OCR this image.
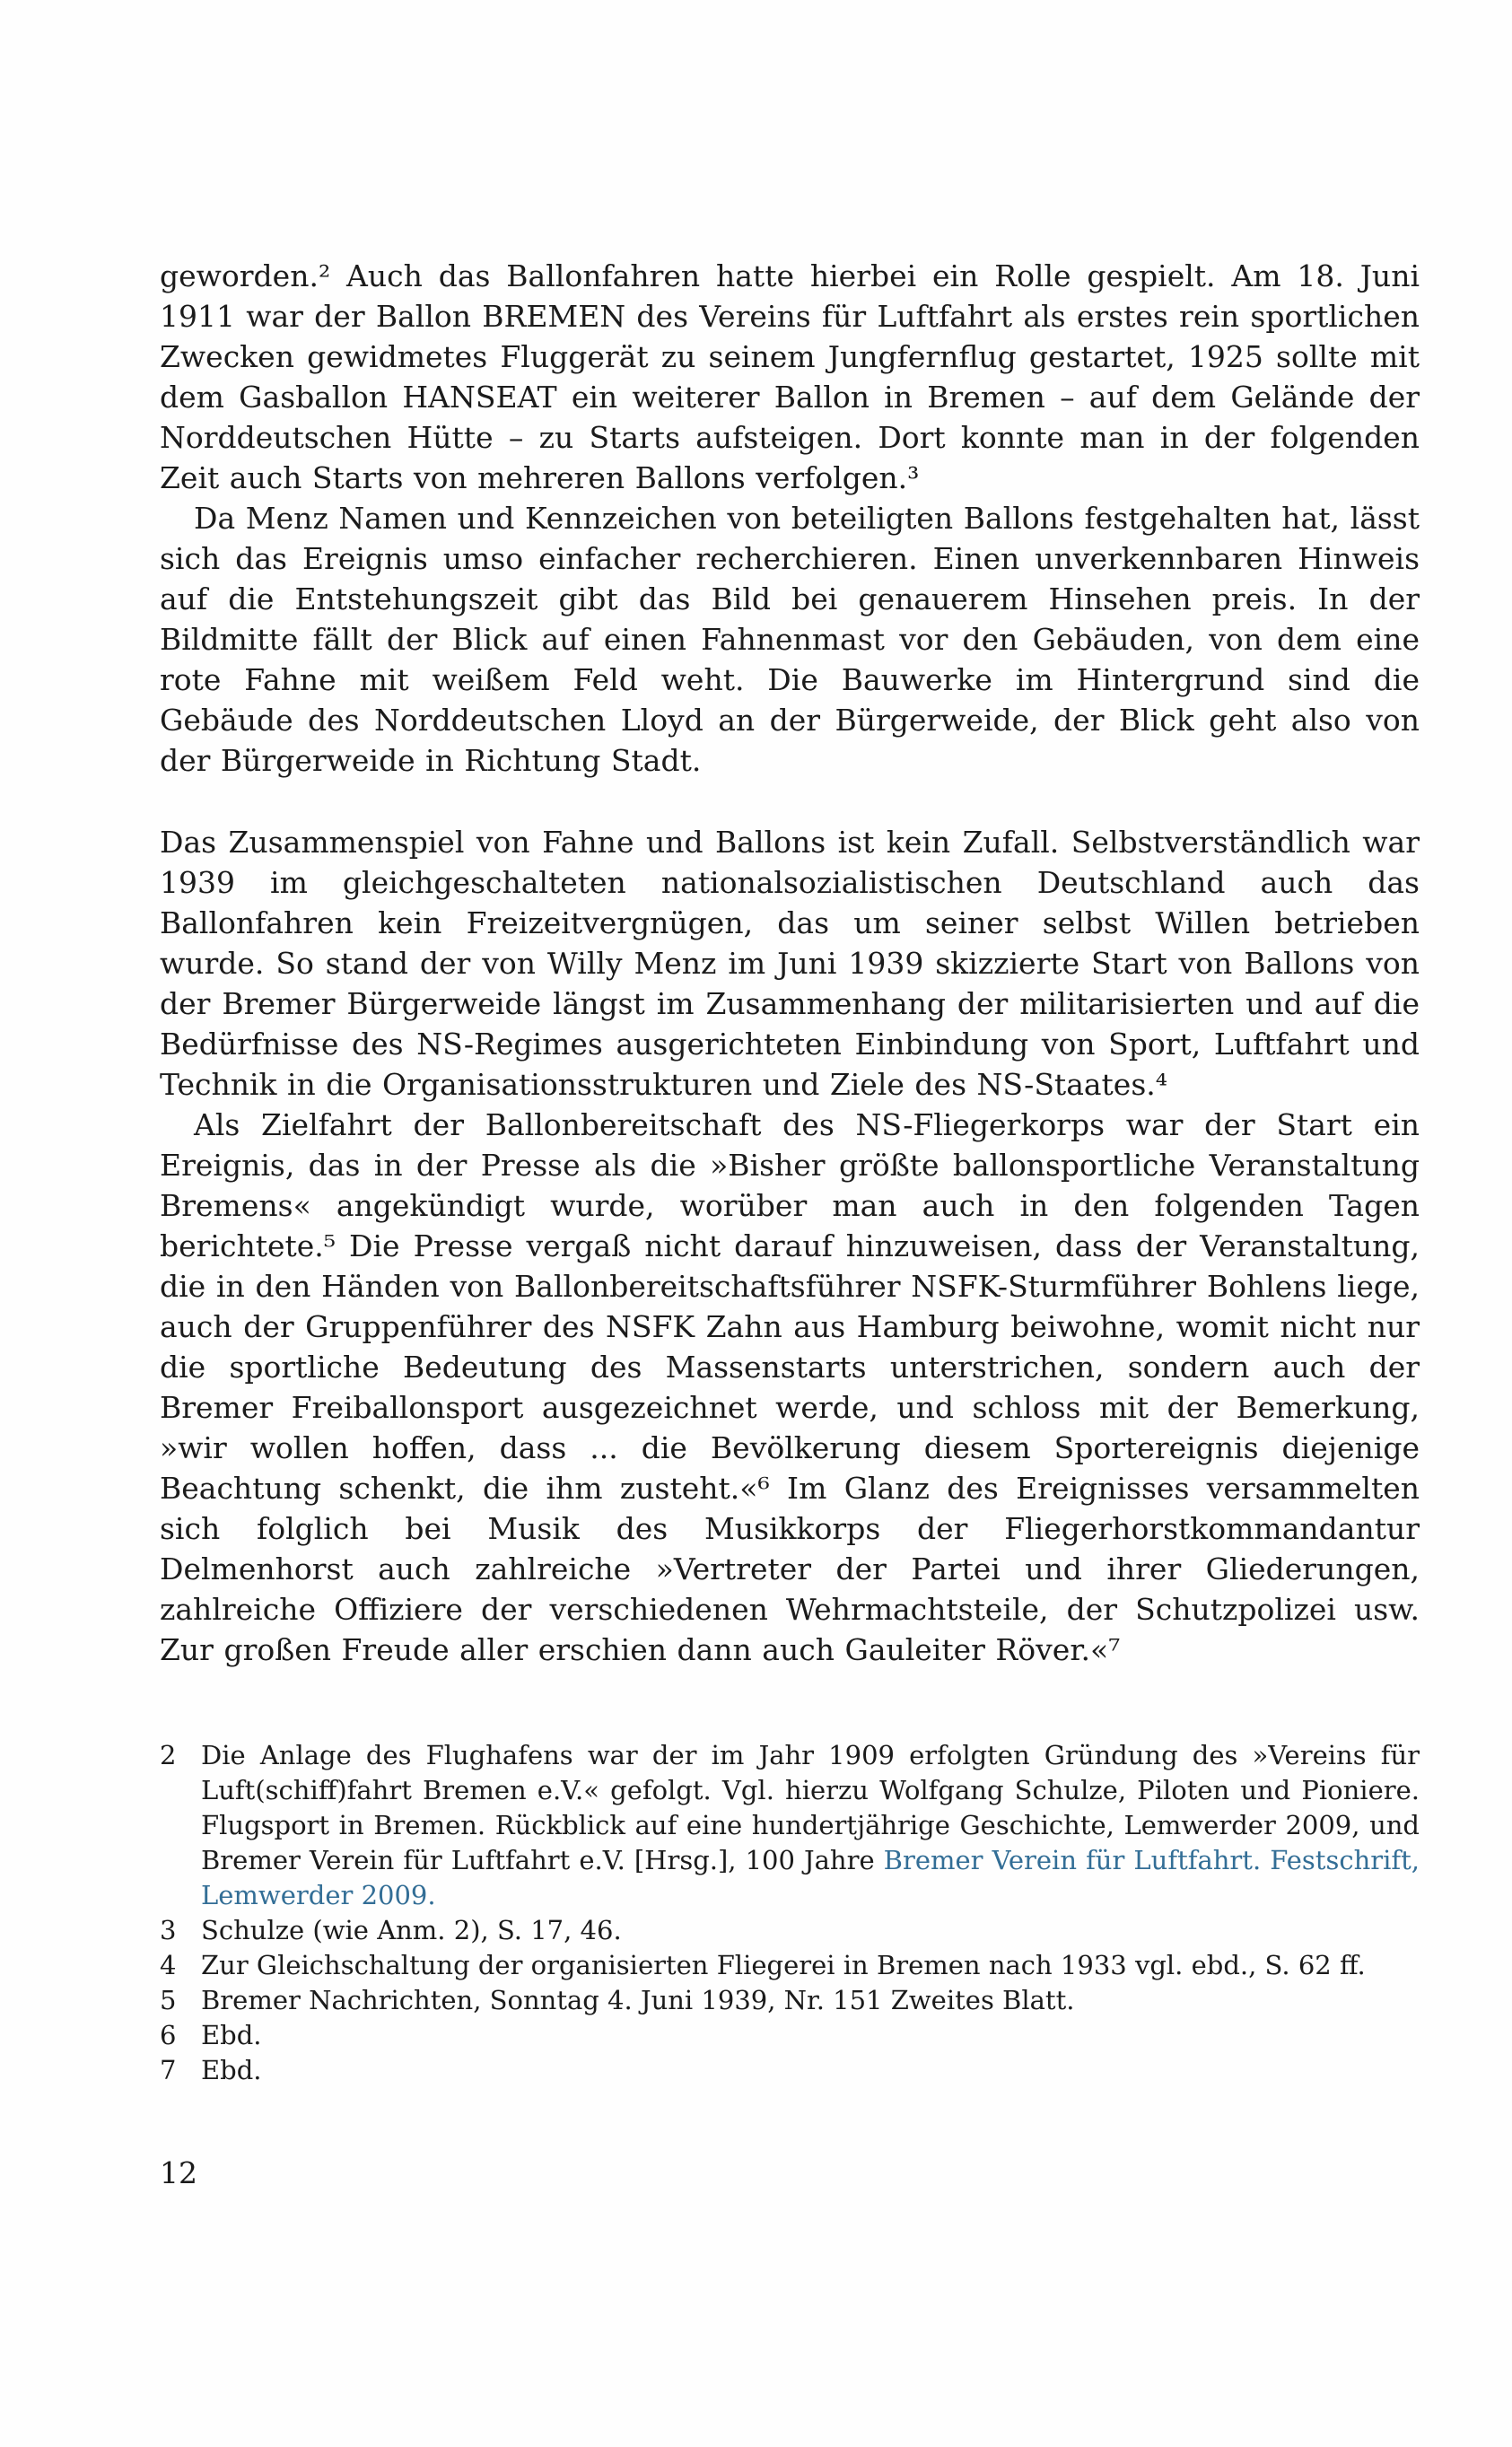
geworden.² Auch das Ballonfahren hatte hierbei ein Rolle gespielt. Am 18. Juni 1911 war der Ballon BREMEN des Vereins für Luftfahrt als erstes rein sportlichen Zwecken gewidmetes Fluggerät zu seinem Jungfernflug gestartet, 1925 sollte mit dem Gasballon HANSEAT ein weiterer Ballon in Bremen – auf dem Gelände der Norddeutschen Hütte – zu Starts aufsteigen. Dort konnte man in der folgenden Zeit auch Starts von mehreren Ballons verfolgen.³

Da Menz Namen und Kennzeichen von beteiligten Ballons festgehalten hat, lässt sich das Ereignis umso einfacher recherchieren. Einen unverkennbaren Hinweis auf die Entstehungszeit gibt das Bild bei genauerem Hinsehen preis. In der Bildmitte fällt der Blick auf einen Fahnenmast vor den Gebäuden, von dem eine rote Fahne mit weißem Feld weht. Die Bauwerke im Hintergrund sind die Gebäude des Norddeutschen Lloyd an der Bürgerweide, der Blick geht also von der Bürgerweide in Richtung Stadt.

Das Zusammenspiel von Fahne und Ballons ist kein Zufall. Selbstverständlich war 1939 im gleichgeschalteten nationalsozialistischen Deutschland auch das Ballonfahren kein Freizeitvergnügen, das um seiner selbst Willen betrieben wurde. So stand der von Willy Menz im Juni 1939 skizzierte Start von Ballons von der Bremer Bürgerweide längst im Zusammenhang der militarisierten und auf die Bedürfnisse des NS-Regimes ausgerichteten Einbindung von Sport, Luftfahrt und Technik in die Organisationsstrukturen und Ziele des NS-Staates.⁴

Als Zielfahrt der Ballonbereitschaft des NS-Fliegerkorps war der Start ein Ereignis, das in der Presse als die »Bisher größte ballonsportliche Veranstaltung Bremens« angekündigt wurde, worüber man auch in den folgenden Tagen berichtete.⁵ Die Presse vergaß nicht darauf hinzuweisen, dass der Veranstaltung, die in den Händen von Ballonbereitschaftsführer NSFK-Sturmführer Bohlens liege, auch der Gruppenführer des NSFK Zahn aus Hamburg beiwohne, womit nicht nur die sportliche Bedeutung des Massenstarts unterstrichen, sondern auch der Bremer Freiballonsport ausgezeichnet werde, und schloss mit der Bemerkung, »wir wollen hoffen, dass ... die Bevölkerung diesem Sportereignis diejenige Beachtung schenkt, die ihm zusteht.«⁶ Im Glanz des Ereignisses versammelten sich folglich bei Musik des Musikkorps der Fliegerhorstkommandantur Delmenhorst auch zahlreiche »Vertreter der Partei und ihrer Gliederungen, zahlreiche Offiziere der verschiedenen Wehrmachtsteile, der Schutzpolizei usw. Zur großen Freude aller erschien dann auch Gauleiter Röver.«⁷

2 Die Anlage des Flughafens war der im Jahr 1909 erfolgten Gründung des »Vereins für Luft(schiff)fahrt Bremen e.V.« gefolgt. Vgl. hierzu Wolfgang Schulze, Piloten und Pioniere. Flugsport in Bremen. Rückblick auf eine hundertjährige Geschichte, Lemwerder 2009, und Bremer Verein für Luftfahrt e.V. [Hrsg.], 100 Jahre Bremer Verein für Luftfahrt. Festschrift, Lemwerder 2009.
3 Schulze (wie Anm. 2), S. 17, 46.
4 Zur Gleichschaltung der organisierten Fliegerei in Bremen nach 1933 vgl. ebd., S. 62 ff.
5 Bremer Nachrichten, Sonntag 4. Juni 1939, Nr. 151 Zweites Blatt.
6 Ebd.
7 Ebd.
12
